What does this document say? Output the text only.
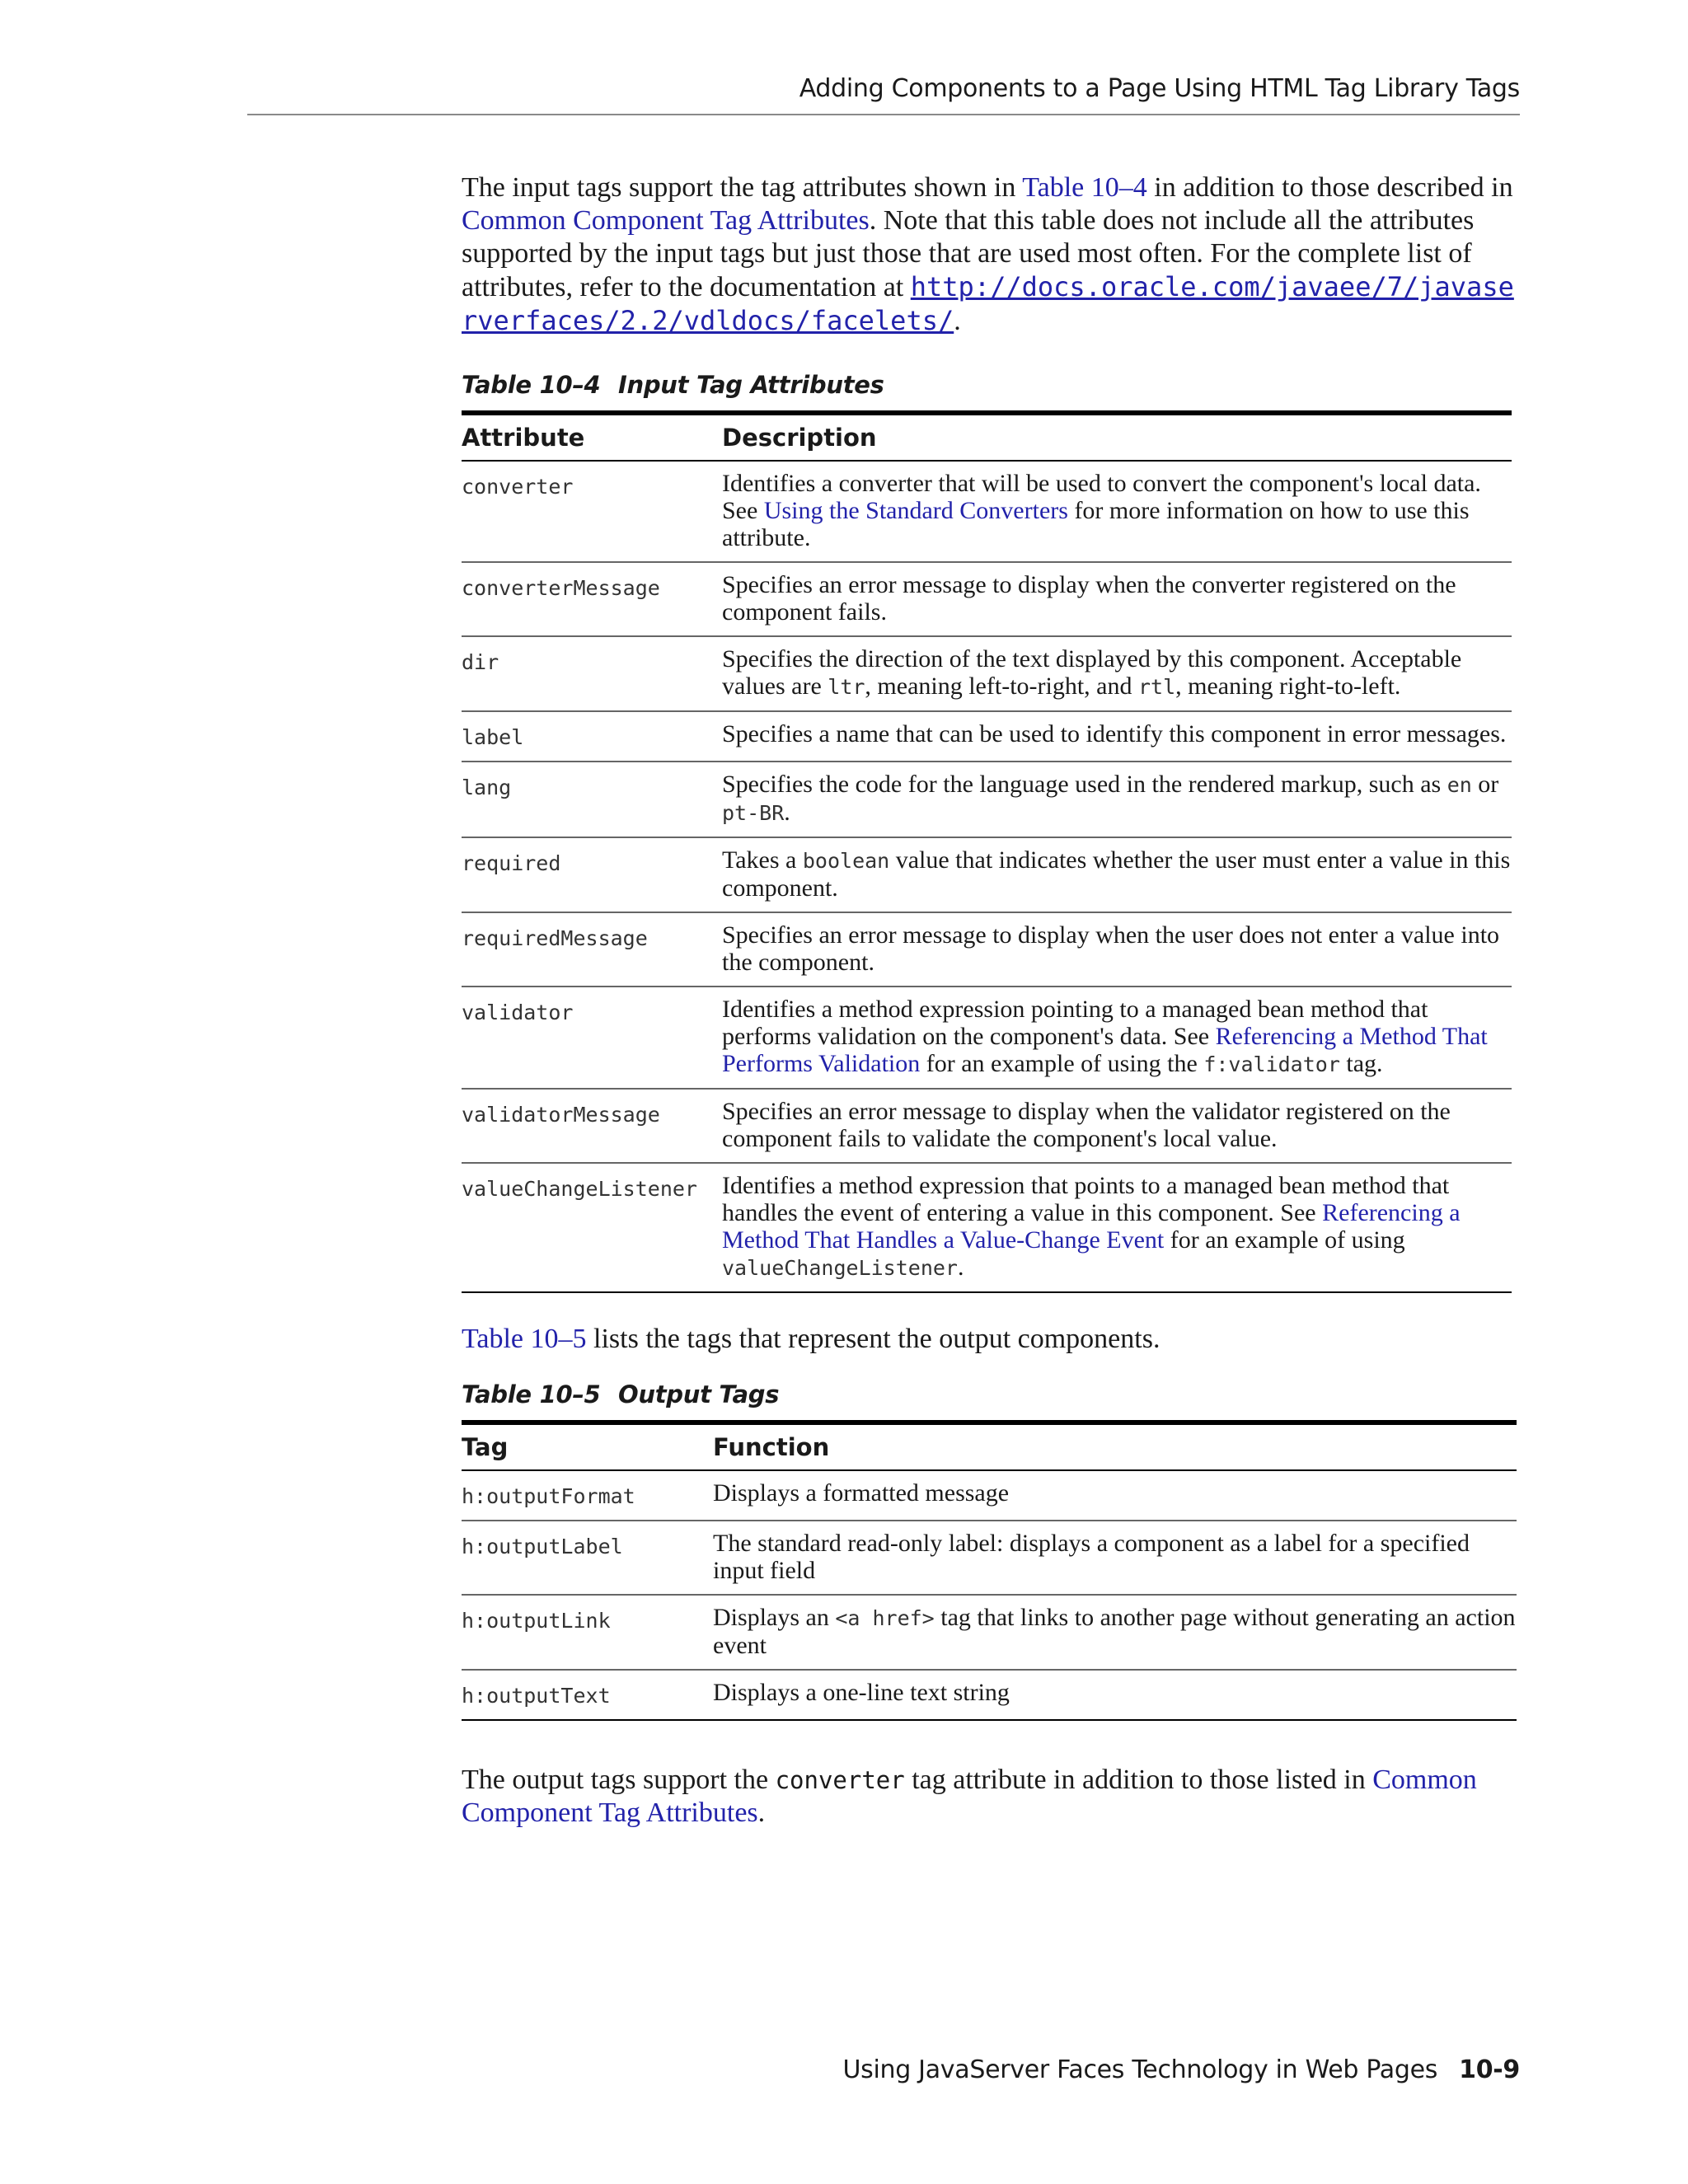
Adding Components to a Page Using HTML Tag Library Tags

The input tags support the tag attributes shown in Table 10–4 in addition to those described in Common Component Tag Attributes. Note that this table does not include all the attributes supported by the input tags but just those that are used most often. For the complete list of attributes, refer to the documentation at http://docs.oracle.com/javaee/7/javaserverfaces/2.2/vdldocs/facelets/.

Table 10–4 Input Tag Attributes

Attribute	Description
converter	Identifies a converter that will be used to convert the component's local data. See Using the Standard Converters for more information on how to use this attribute.
converterMessage	Specifies an error message to display when the converter registered on the component fails.
dir	Specifies the direction of the text displayed by this component. Acceptable values are ltr, meaning left-to-right, and rtl, meaning right-to-left.
label	Specifies a name that can be used to identify this component in error messages.
lang	Specifies the code for the language used in the rendered markup, such as en or pt-BR.
required	Takes a boolean value that indicates whether the user must enter a value in this component.
requiredMessage	Specifies an error message to display when the user does not enter a value into the component.
validator	Identifies a method expression pointing to a managed bean method that performs validation on the component's data. See Referencing a Method That Performs Validation for an example of using the f:validator tag.
validatorMessage	Specifies an error message to display when the validator registered on the component fails to validate the component's local value.
valueChangeListener	Identifies a method expression that points to a managed bean method that handles the event of entering a value in this component. See Referencing a Method That Handles a Value-Change Event for an example of using valueChangeListener.

Table 10–5 lists the tags that represent the output components.

Table 10–5 Output Tags

Tag	Function
h:outputFormat	Displays a formatted message
h:outputLabel	The standard read-only label: displays a component as a label for a specified input field
h:outputLink	Displays an <a href> tag that links to another page without generating an action event
h:outputText	Displays a one-line text string

The output tags support the converter tag attribute in addition to those listed in Common Component Tag Attributes.

Using JavaServer Faces Technology in Web Pages 10-9
